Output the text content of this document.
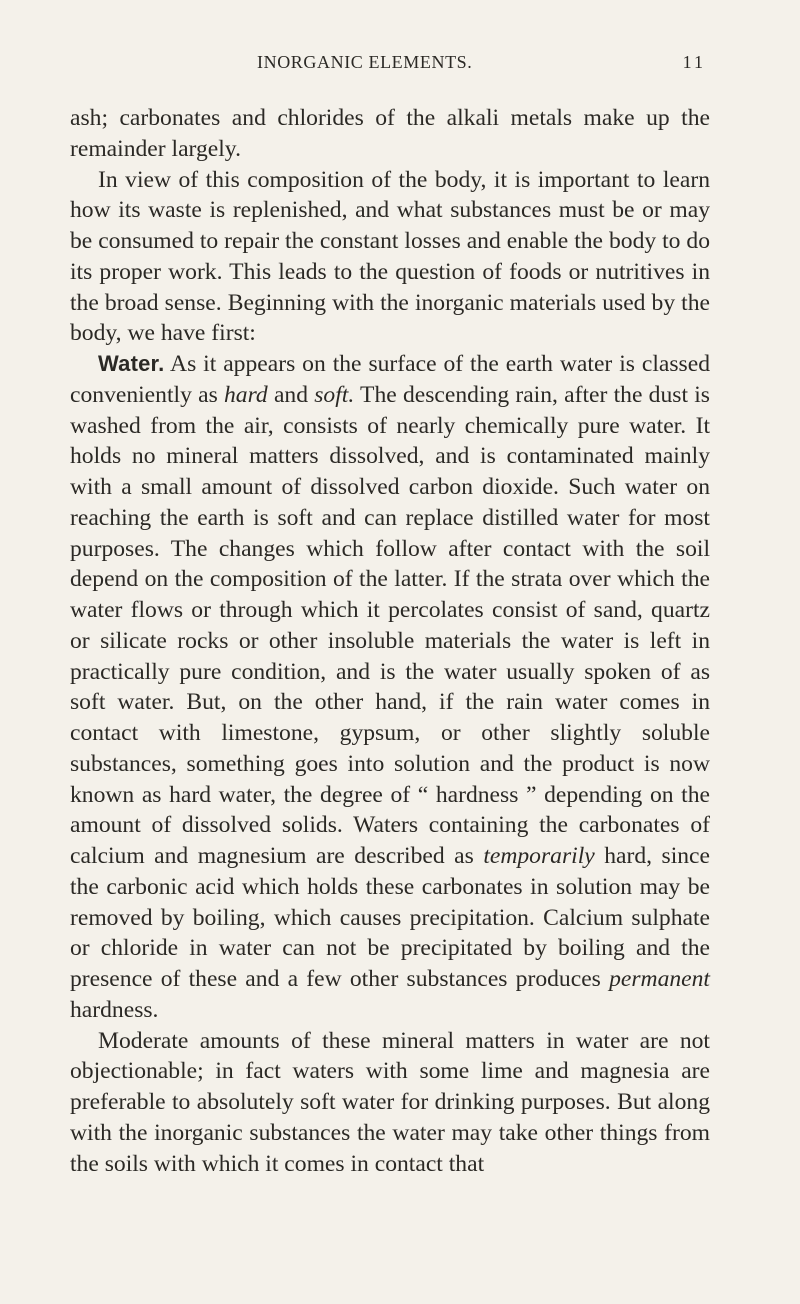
INORGANIC ELEMENTS.	11

ash; carbonates and chlorides of the alkali metals make up the remainder largely.

In view of this composition of the body, it is important to learn how its waste is replenished, and what substances must be or may be consumed to repair the constant losses and enable the body to do its proper work. This leads to the question of foods or nutritives in the broad sense. Beginning with the inorganic materials used by the body, we have first:

Water. As it appears on the surface of the earth water is classed conveniently as hard and soft. The descending rain, after the dust is washed from the air, consists of nearly chemically pure water. It holds no mineral matters dissolved, and is contaminated mainly with a small amount of dissolved carbon dioxide. Such water on reaching the earth is soft and can replace distilled water for most purposes. The changes which follow after contact with the soil depend on the composition of the latter. If the strata over which the water flows or through which it percolates consist of sand, quartz or silicate rocks or other insoluble materials the water is left in practically pure condition, and is the water usually spoken of as soft water. But, on the other hand, if the rain water comes in contact with limestone, gypsum, or other slightly soluble substances, something goes into solution and the product is now known as hard water, the degree of “ hardness ” depending on the amount of dissolved solids. Waters containing the carbonates of calcium and magnesium are described as temporarily hard, since the carbonic acid which holds these carbonates in solution may be removed by boiling, which causes precipitation. Calcium sulphate or chloride in water can not be precipitated by boiling and the presence of these and a few other substances produces permanent hardness.

Moderate amounts of these mineral matters in water are not objectionable; in fact waters with some lime and magnesia are preferable to absolutely soft water for drinking purposes. But along with the inorganic substances the water may take other things from the soils with which it comes in contact that
